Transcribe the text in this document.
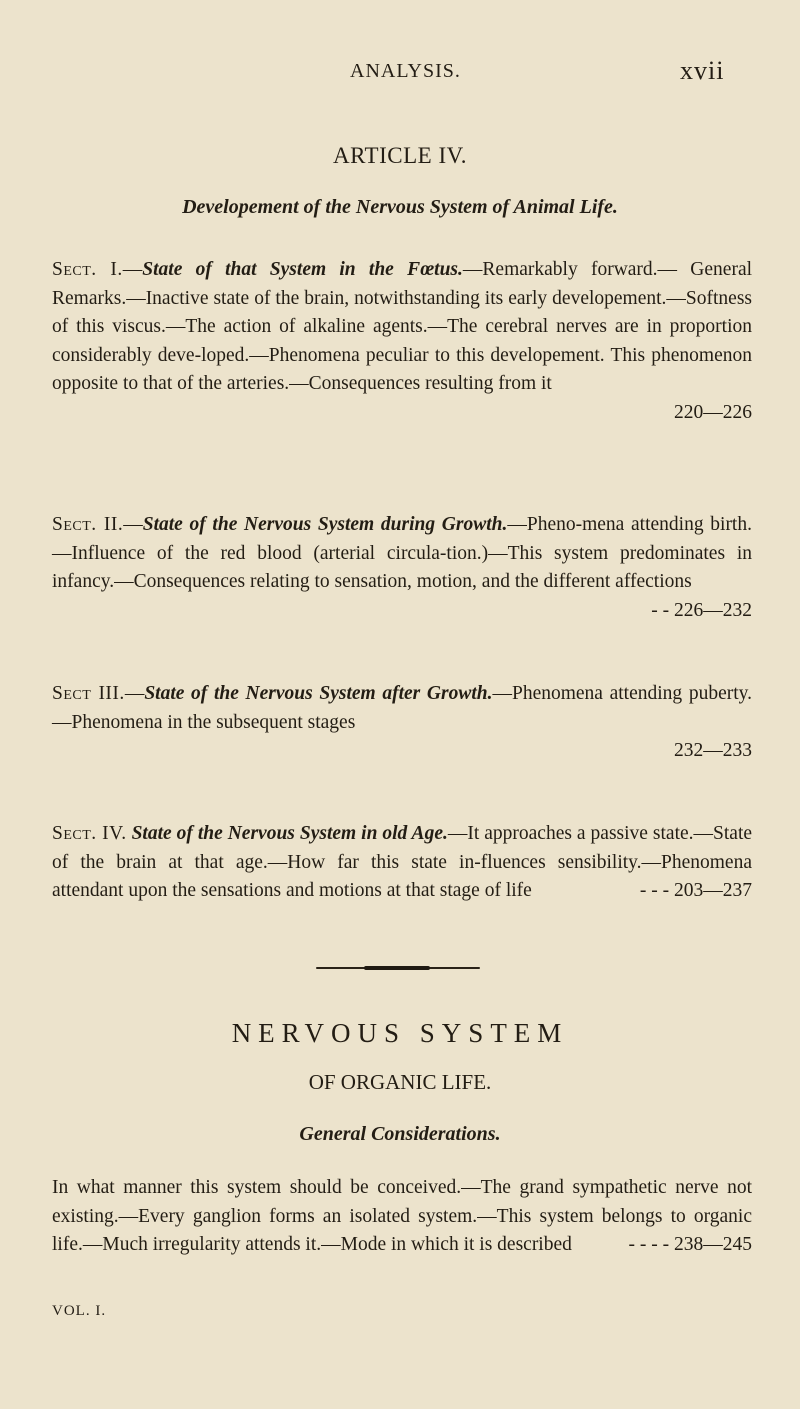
ANALYSIS.	xvii
ARTICLE IV.
Developement of the Nervous System of Animal Life.

Sect. I.—State of that System in the Fœtus.—Remarkably forward.— General Remarks.—Inactive state of the brain, notwithstanding its early developement.—Softness of this viscus.—The action of alkaline agents.—The cerebral nerves are in proportion considerably deve-loped.—Phenomena peculiar to this developement. This phenomenon opposite to that of the arteries.—Consequences resulting from it
220—226

Sect. II.—State of the Nervous System during Growth.—Pheno-mena attending birth.—Influence of the red blood (arterial circula-tion.)—This system predominates in infancy.—Consequences relating to sensation, motion, and the different affections
- - 226—232

Sect III.—State of the Nervous System after Growth.—Phenomena attending puberty.—Phenomena in the subsequent stages
232—233

Sect. IV. State of the Nervous System in old Age.—It approaches a passive state.—State of the brain at that age.—How far this state in-fluences sensibility.—Phenomena attendant upon the sensations and motions at that stage of life	- - - 203—237

NERVOUS SYSTEM
OF ORGANIC LIFE.
General Considerations.

In what manner this system should be conceived.—The grand sympathetic nerve not existing.—Every ganglion forms an isolated system.—This system belongs to organic life.—Much irregularity attends it.—Mode in which it is described	- - - - 238—245

VOL. I.
